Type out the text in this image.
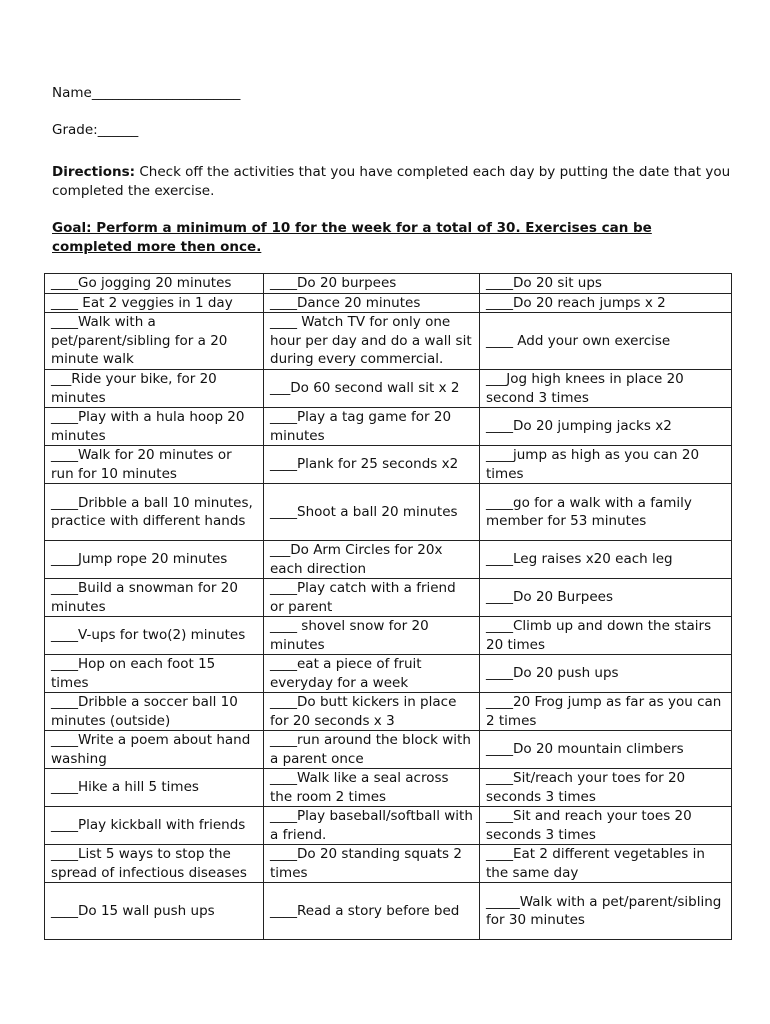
Name______________________

Grade:______

Directions: Check off the activities that you have completed each day by putting the date that you completed the exercise.

Goal: Perform a minimum of 10 for the week for a total of 30. Exercises can be completed more then once.

____Go jogging 20 minutes	____Do 20 burpees	____Do 20 sit ups
____ Eat 2 veggies in 1 day	____Dance 20 minutes	____Do 20 reach jumps x 2
____Walk with a pet/parent/sibling for a 20 minute walk	____ Watch TV for only one hour per day and do a wall sit during every commercial.	____ Add your own exercise
___Ride your bike, for 20 minutes	___Do 60 second wall sit x 2	___Jog high knees in place 20 second 3 times
____Play with a hula hoop 20 minutes	____Play a tag game for 20 minutes	____Do 20 jumping jacks x2
____Walk for 20 minutes or run for 10 minutes	____Plank for 25 seconds x2	____jump as high as you can 20 times
____Dribble a ball 10 minutes, practice with different hands	____Shoot a ball 20 minutes	____go for a walk with a family member for 53 minutes
____Jump rope 20 minutes	___Do Arm Circles for 20x each direction	____Leg raises x20 each leg
____Build a snowman for 20 minutes	____Play catch with a friend or parent	____Do 20 Burpees
____V-ups for two(2) minutes	____ shovel snow for 20 minutes	____Climb up and down the stairs 20 times
____Hop on each foot 15 times	____eat a piece of fruit everyday for a week	____Do 20 push ups
____Dribble a soccer ball 10 minutes (outside)	____Do butt kickers in place for 20 seconds x 3	____20 Frog jump as far as you can 2 times
____Write a poem about hand washing	____run around the block with a parent once	____Do 20 mountain climbers
____Hike a hill 5 times	____Walk like a seal across the room 2 times	____Sit/reach your toes for 20 seconds 3 times
____Play kickball with friends	____Play baseball/softball with a friend.	____Sit and reach your toes 20 seconds 3 times
____List 5 ways to stop the spread of infectious diseases	____Do 20 standing squats 2 times	____Eat 2 different vegetables in the same day
____Do 15 wall push ups	____Read a story before bed	_____Walk with a pet/parent/sibling for 30 minutes
